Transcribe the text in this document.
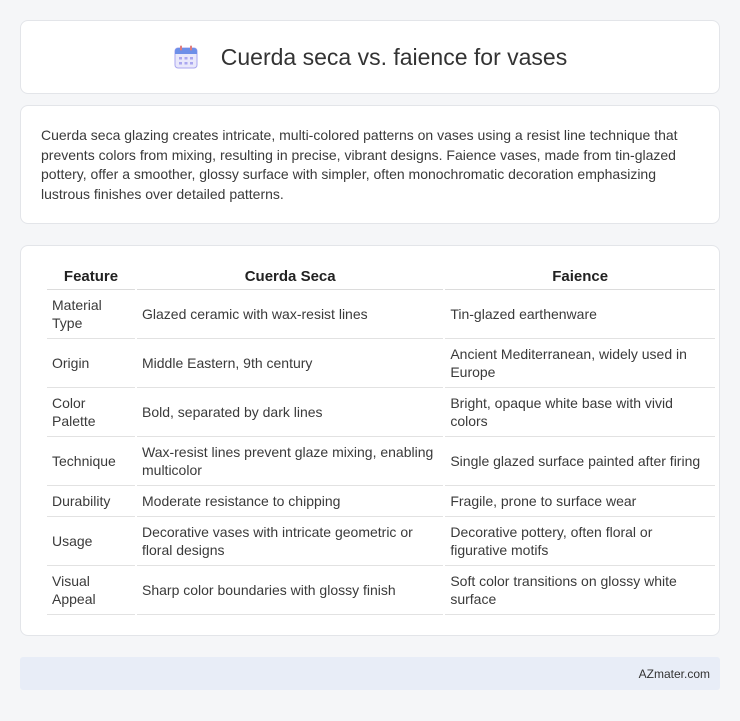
Cuerda seca vs. faience for vases

Cuerda seca glazing creates intricate, multi-colored patterns on vases using a resist line technique that prevents colors from mixing, resulting in precise, vibrant designs. Faience vases, made from tin-glazed pottery, offer a smoother, glossy surface with simpler, often monochromatic decoration emphasizing lustrous finishes over detailed patterns.

Feature	Cuerda Seca	Faience
Material Type	Glazed ceramic with wax-resist lines	Tin-glazed earthenware
Origin	Middle Eastern, 9th century	Ancient Mediterranean, widely used in Europe
Color Palette	Bold, separated by dark lines	Bright, opaque white base with vivid colors
Technique	Wax-resist lines prevent glaze mixing, enabling multicolor	Single glazed surface painted after firing
Durability	Moderate resistance to chipping	Fragile, prone to surface wear
Usage	Decorative vases with intricate geometric or floral designs	Decorative pottery, often floral or figurative motifs
Visual Appeal	Sharp color boundaries with glossy finish	Soft color transitions on glossy white surface
AZmater.com
